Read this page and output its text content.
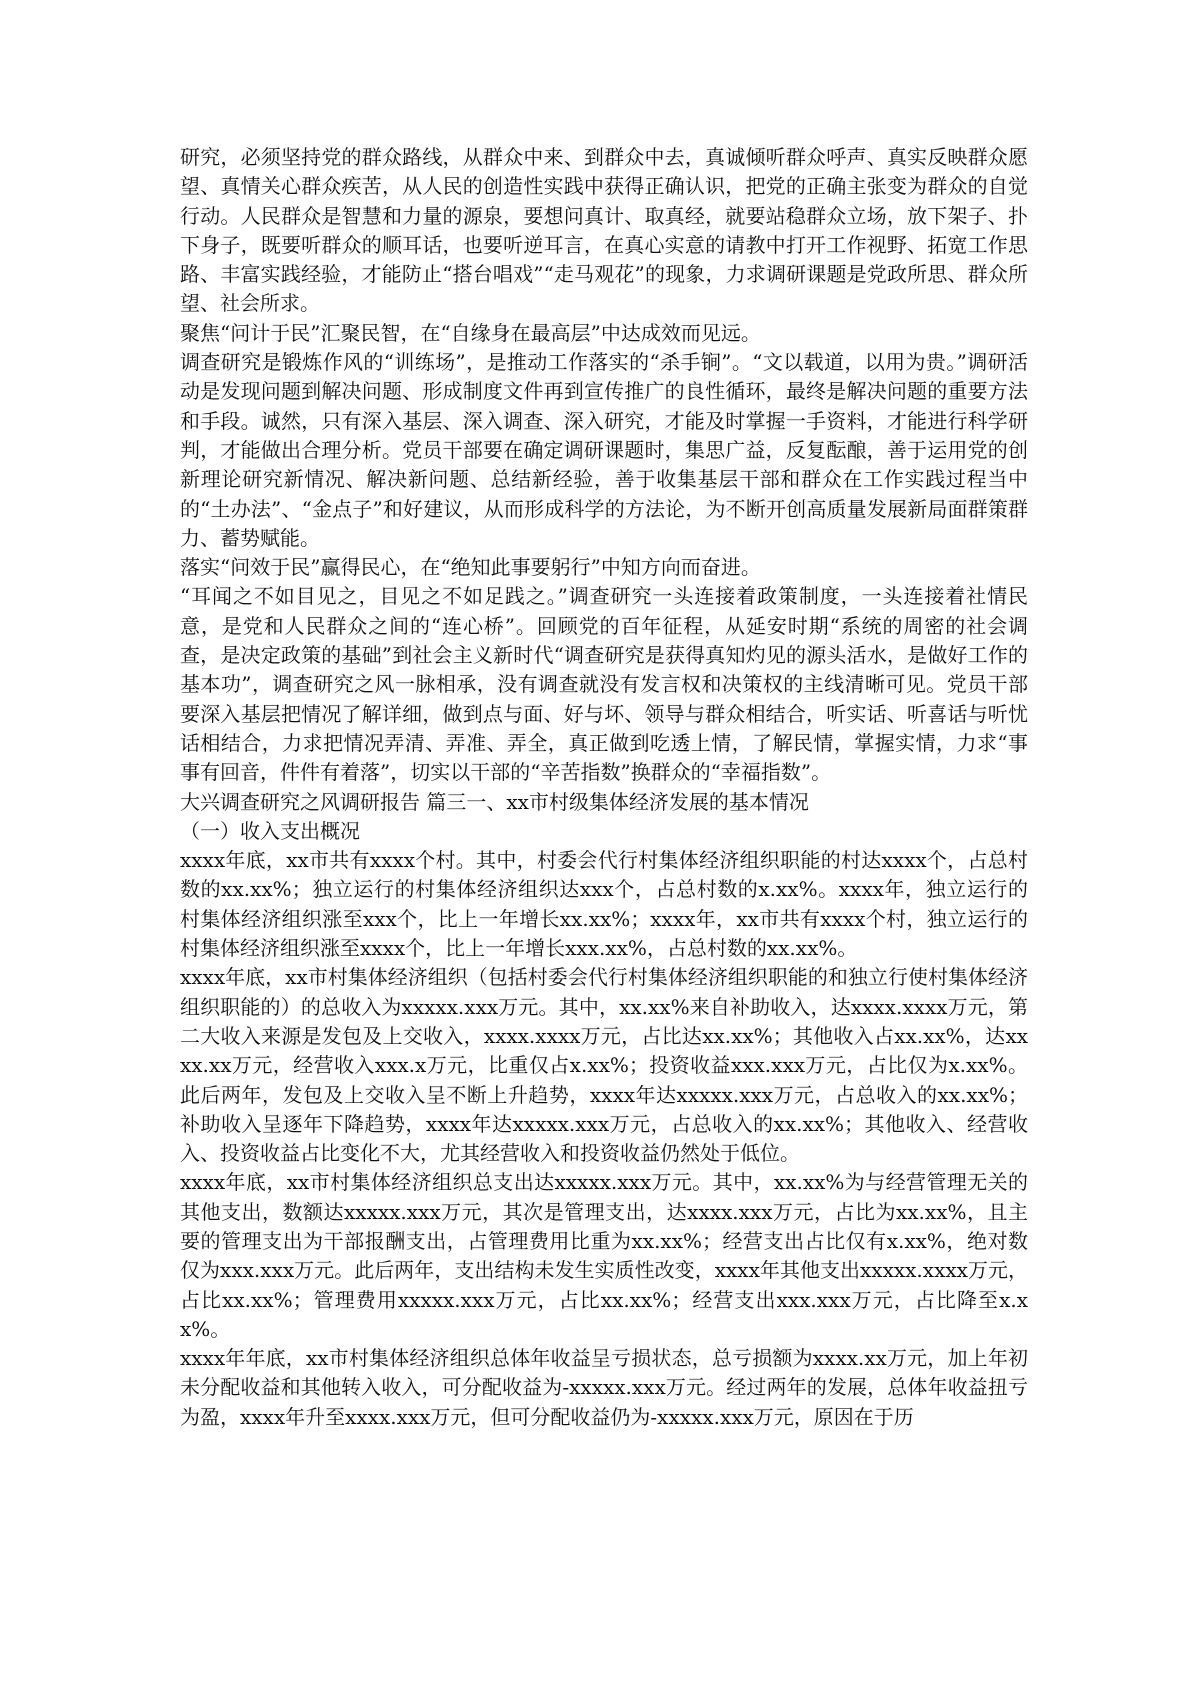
研究，必须坚持党的群众路线，从群众中来、到群众中去，真诚倾听群众呼声、真实反映群众愿望、真情关心群众疾苦，从人民的创造性实践中获得正确认识，把党的正确主张变为群众的自觉行动。人民群众是智慧和力量的源泉，要想问真计、取真经，就要站稳群众立场，放下架子、扑下身子，既要听群众的顺耳话，也要听逆耳言，在真心实意的请教中打开工作视野、拓宽工作思路、丰富实践经验，才能防止“搭台唱戏”“走马观花”的现象，力求调研课题是党政所思、群众所望、社会所求。

聚焦“问计于民”汇聚民智，在“自缘身在最高层”中达成效而见远。

调查研究是锻炼作风的“训练场”，是推动工作落实的“杀手锏”。“文以载道，以用为贵。”调研活动是发现问题到解决问题、形成制度文件再到宣传推广的良性循环，最终是解决问题的重要方法和手段。诚然，只有深入基层、深入调查、深入研究，才能及时掌握一手资料，才能进行科学研判，才能做出合理分析。党员干部要在确定调研课题时，集思广益，反复酝酿，善于运用党的创新理论研究新情况、解决新问题、总结新经验，善于收集基层干部和群众在工作实践过程当中的“土办法”、“金点子”和好建议，从而形成科学的方法论，为不断开创高质量发展新局面群策群力、蓄势赋能。

落实“问效于民”赢得民心，在“绝知此事要躬行”中知方向而奋进。

“耳闻之不如目见之，目见之不如足践之。”调查研究一头连接着政策制度，一头连接着社情民意，是党和人民群众之间的“连心桥”。回顾党的百年征程，从延安时期“系统的周密的社会调查，是决定政策的基础”到社会主义新时代“调查研究是获得真知灼见的源头活水，是做好工作的基本功”，调查研究之风一脉相承，没有调查就没有发言权和决策权的主线清晰可见。党员干部要深入基层把情况了解详细，做到点与面、好与坏、领导与群众相结合，听实话、听喜话与听忧话相结合，力求把情况弄清、弄准、弄全，真正做到吃透上情，了解民情，掌握实情，力求“事事有回音，件件有着落”，切实以干部的“辛苦指数”换群众的“幸福指数”。

大兴调查研究之风调研报告 篇三一、xx市村级集体经济发展的基本情况

（一）收入支出概况

xxxx年底，xx市共有xxxx个村。其中，村委会代行村集体经济组织职能的村达xxxx个，占总村数的xx.xx%；独立运行的村集体经济组织达xxx个，占总村数的x.xx%。xxxx年，独立运行的村集体经济组织涨至xxx个，比上一年增长xx.xx%；xxxx年，xx市共有xxxx个村，独立运行的村集体经济组织涨至xxxx个，比上一年增长xxx.xx%，占总村数的xx.xx%。

xxxx年底，xx市村集体经济组织（包括村委会代行村集体经济组织职能的和独立行使村集体经济组织职能的）的总收入为xxxxx.xxx万元。其中，xx.xx%来自补助收入，达xxxx.xxxx万元，第二大收入来源是发包及上交收入，xxxx.xxxx万元，占比达xx.xx%；其他收入占xx.xx%，达xxxx.xx万元，经营收入xxx.x万元，比重仅占x.xx%；投资收益xxx.xxx万元，占比仅为x.xx%。此后两年，发包及上交收入呈不断上升趋势，xxxx年达xxxxx.xxx万元，占总收入的xx.xx%；补助收入呈逐年下降趋势，xxxx年达xxxxx.xxx万元，占总收入的xx.xx%；其他收入、经营收入、投资收益占比变化不大，尤其经营收入和投资收益仍然处于低位。

xxxx年底，xx市村集体经济组织总支出达xxxxx.xxx万元。其中，xx.xx%为与经营管理无关的其他支出，数额达xxxxx.xxx万元，其次是管理支出，达xxxx.xxx万元，占比为xx.xx%，且主要的管理支出为干部报酬支出，占管理费用比重为xx.xx%；经营支出占比仅有x.xx%，绝对数仅为xxx.xxx万元。此后两年，支出结构未发生实质性改变，xxxx年其他支出xxxxx.xxxx万元，占比xx.xx%；管理费用xxxxx.xxx万元，占比xx.xx%；经营支出xxx.xxx万元，占比降至x.xx%。

xxxx年年底，xx市村集体经济组织总体年收益呈亏损状态，总亏损额为xxxx.xx万元，加上年初未分配收益和其他转入收入，可分配收益为-xxxxx.xxx万元。经过两年的发展，总体年收益扭亏为盈，xxxx年升至xxxx.xxx万元，但可分配收益仍为-xxxxx.xxx万元，原因在于历
